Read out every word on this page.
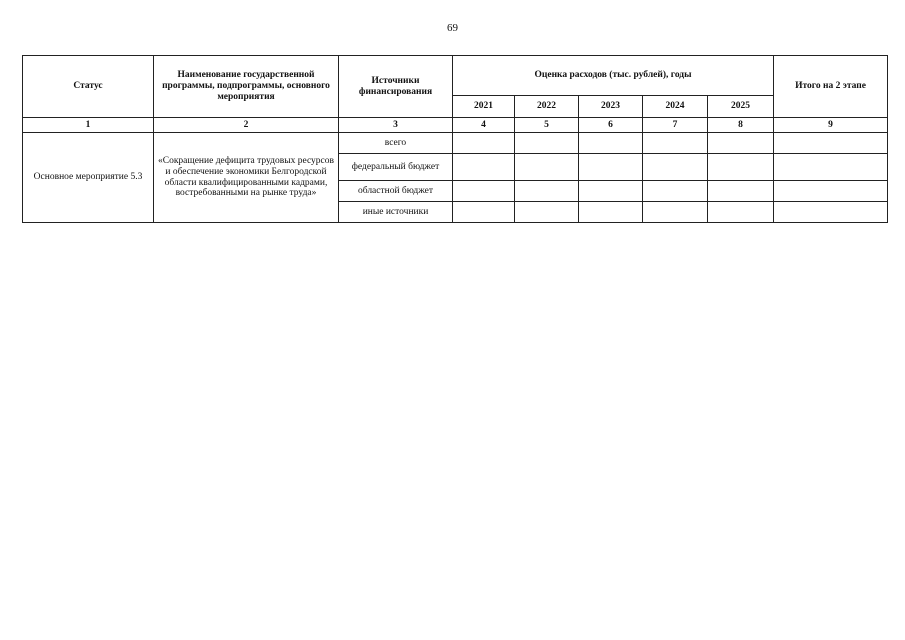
69
Статус	Наименование государственной программы, подпрограммы, основного мероприятия	Источники финансирования	Оценка расходов (тыс. рублей), годы					Итого на 2 этапе
			2021	2022	2023	2024	2025	
1	2	3	4	5	6	7	8	9
Основное мероприятие 5.3	«Сокращение дефицита трудовых ресурсов и обеспечение экономики Белгородской области квалифицированными кадрами, востребованными на рынке труда»	всего						
		федеральный бюджет						
		областной бюджет						
		иные источники						
